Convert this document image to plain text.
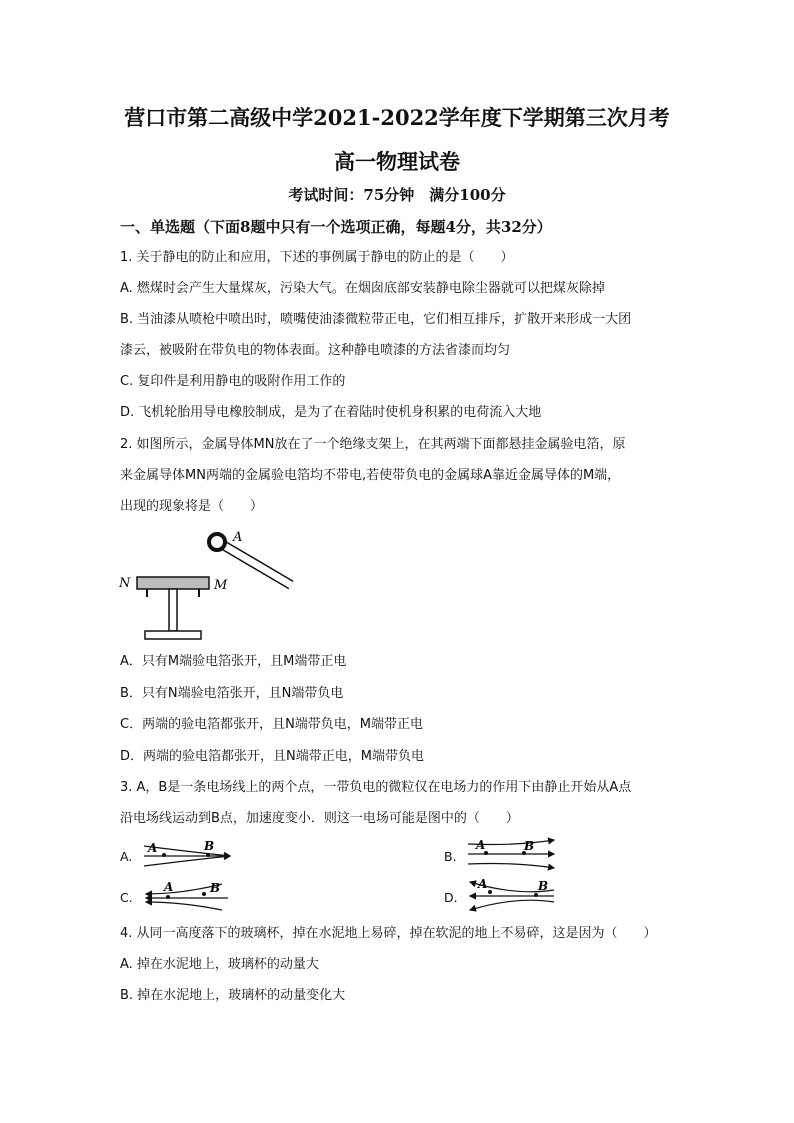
营口市第二高级中学2021-2022学年度下学期第三次月考
高一物理试卷
考试时间：75分钟　满分100分
一、单选题（下面8题中只有一个选项正确，每题4分，共32分）
1. 关于静电的防止和应用，下述的事例属于静电的防止的是（　　）
A. 燃煤时会产生大量煤灰，污染大气。在烟囱底部安装静电除尘器就可以把煤灰除掉
B. 当油漆从喷枪中喷出时，喷嘴使油漆微粒带正电，它们相互排斥，扩散开来形成一大团
漆云，被吸附在带负电的物体表面。这种静电喷漆的方法省漆而均匀
C. 复印件是利用静电的吸附作用工作的
D. 飞机轮胎用导电橡胶制成，是为了在着陆时使机身积累的电荷流入大地
2. 如图所示，金属导体MN放在了一个绝缘支架上，在其两端下面都悬挂金属验电箔，原
来金属导体MN两端的金属验电箔均不带电,若使带负电的金属球A靠近金属导体的M端，
出现的现象将是（　　）
A
N	M
A．只有M端验电箔张开，且M端带正电
B．只有N端验电箔张开，且N端带负电
C．两端的验电箔都张开，且N端带负电，M端带正电
D．两端的验电箔都张开，且N端带正电，M端带负电
3. A，B是一条电场线上的两个点，一带负电的微粒仅在电场力的作用下由静止开始从A点
沿电场线运动到B点，加速度变小．则这一电场可能是图中的（　　）
A.
A	B
B.
A	B
C.
A	B
D.
A	B
4. 从同一高度落下的玻璃杯，掉在水泥地上易碎，掉在软泥的地上不易碎，这是因为（　　）
A. 掉在水泥地上，玻璃杯的动量大
B. 掉在水泥地上，玻璃杯的动量变化大
